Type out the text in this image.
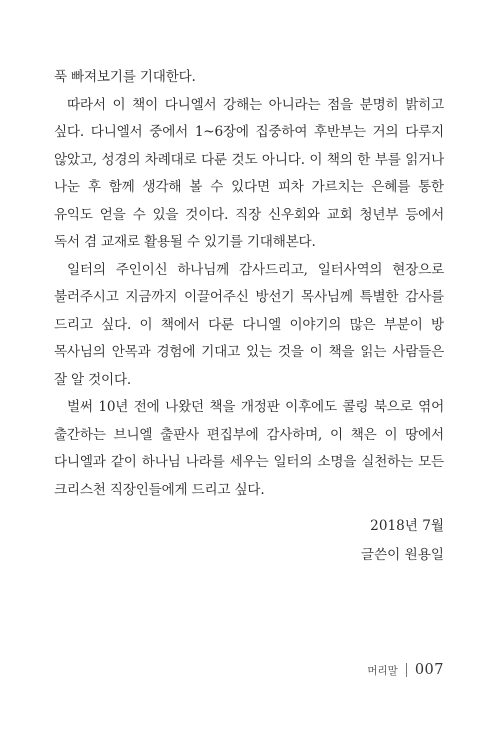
푹 빠져보기를 기대한다.

따라서 이 책이 다니엘서 강해는 아니라는 점을 분명히 밝히고 싶다. 다니엘서 중에서 1~6장에 집중하여 후반부는 거의 다루지 않았고, 성경의 차례대로 다룬 것도 아니다. 이 책의 한 부를 읽거나 나눈 후 함께 생각해 볼 수 있다면 피차 가르치는 은혜를 통한 유익도 얻을 수 있을 것이다. 직장 신우회와 교회 청년부 등에서 독서 겸 교재로 활용될 수 있기를 기대해본다.

일터의 주인이신 하나님께 감사드리고, 일터사역의 현장으로 불러주시고 지금까지 이끌어주신 방선기 목사님께 특별한 감사를 드리고 싶다. 이 책에서 다룬 다니엘 이야기의 많은 부분이 방 목사님의 안목과 경험에 기대고 있는 것을 이 책을 읽는 사람들은 잘 알 것이다.

벌써 10년 전에 나왔던 책을 개정판 이후에도 콜링 북으로 엮어 출간하는 브니엘 출판사 편집부에 감사하며, 이 책은 이 땅에서 다니엘과 같이 하나님 나라를 세우는 일터의 소명을 실천하는 모든 크리스천 직장인들에게 드리고 싶다.

2018년 7월
글쓴이 원용일
머리말 007
